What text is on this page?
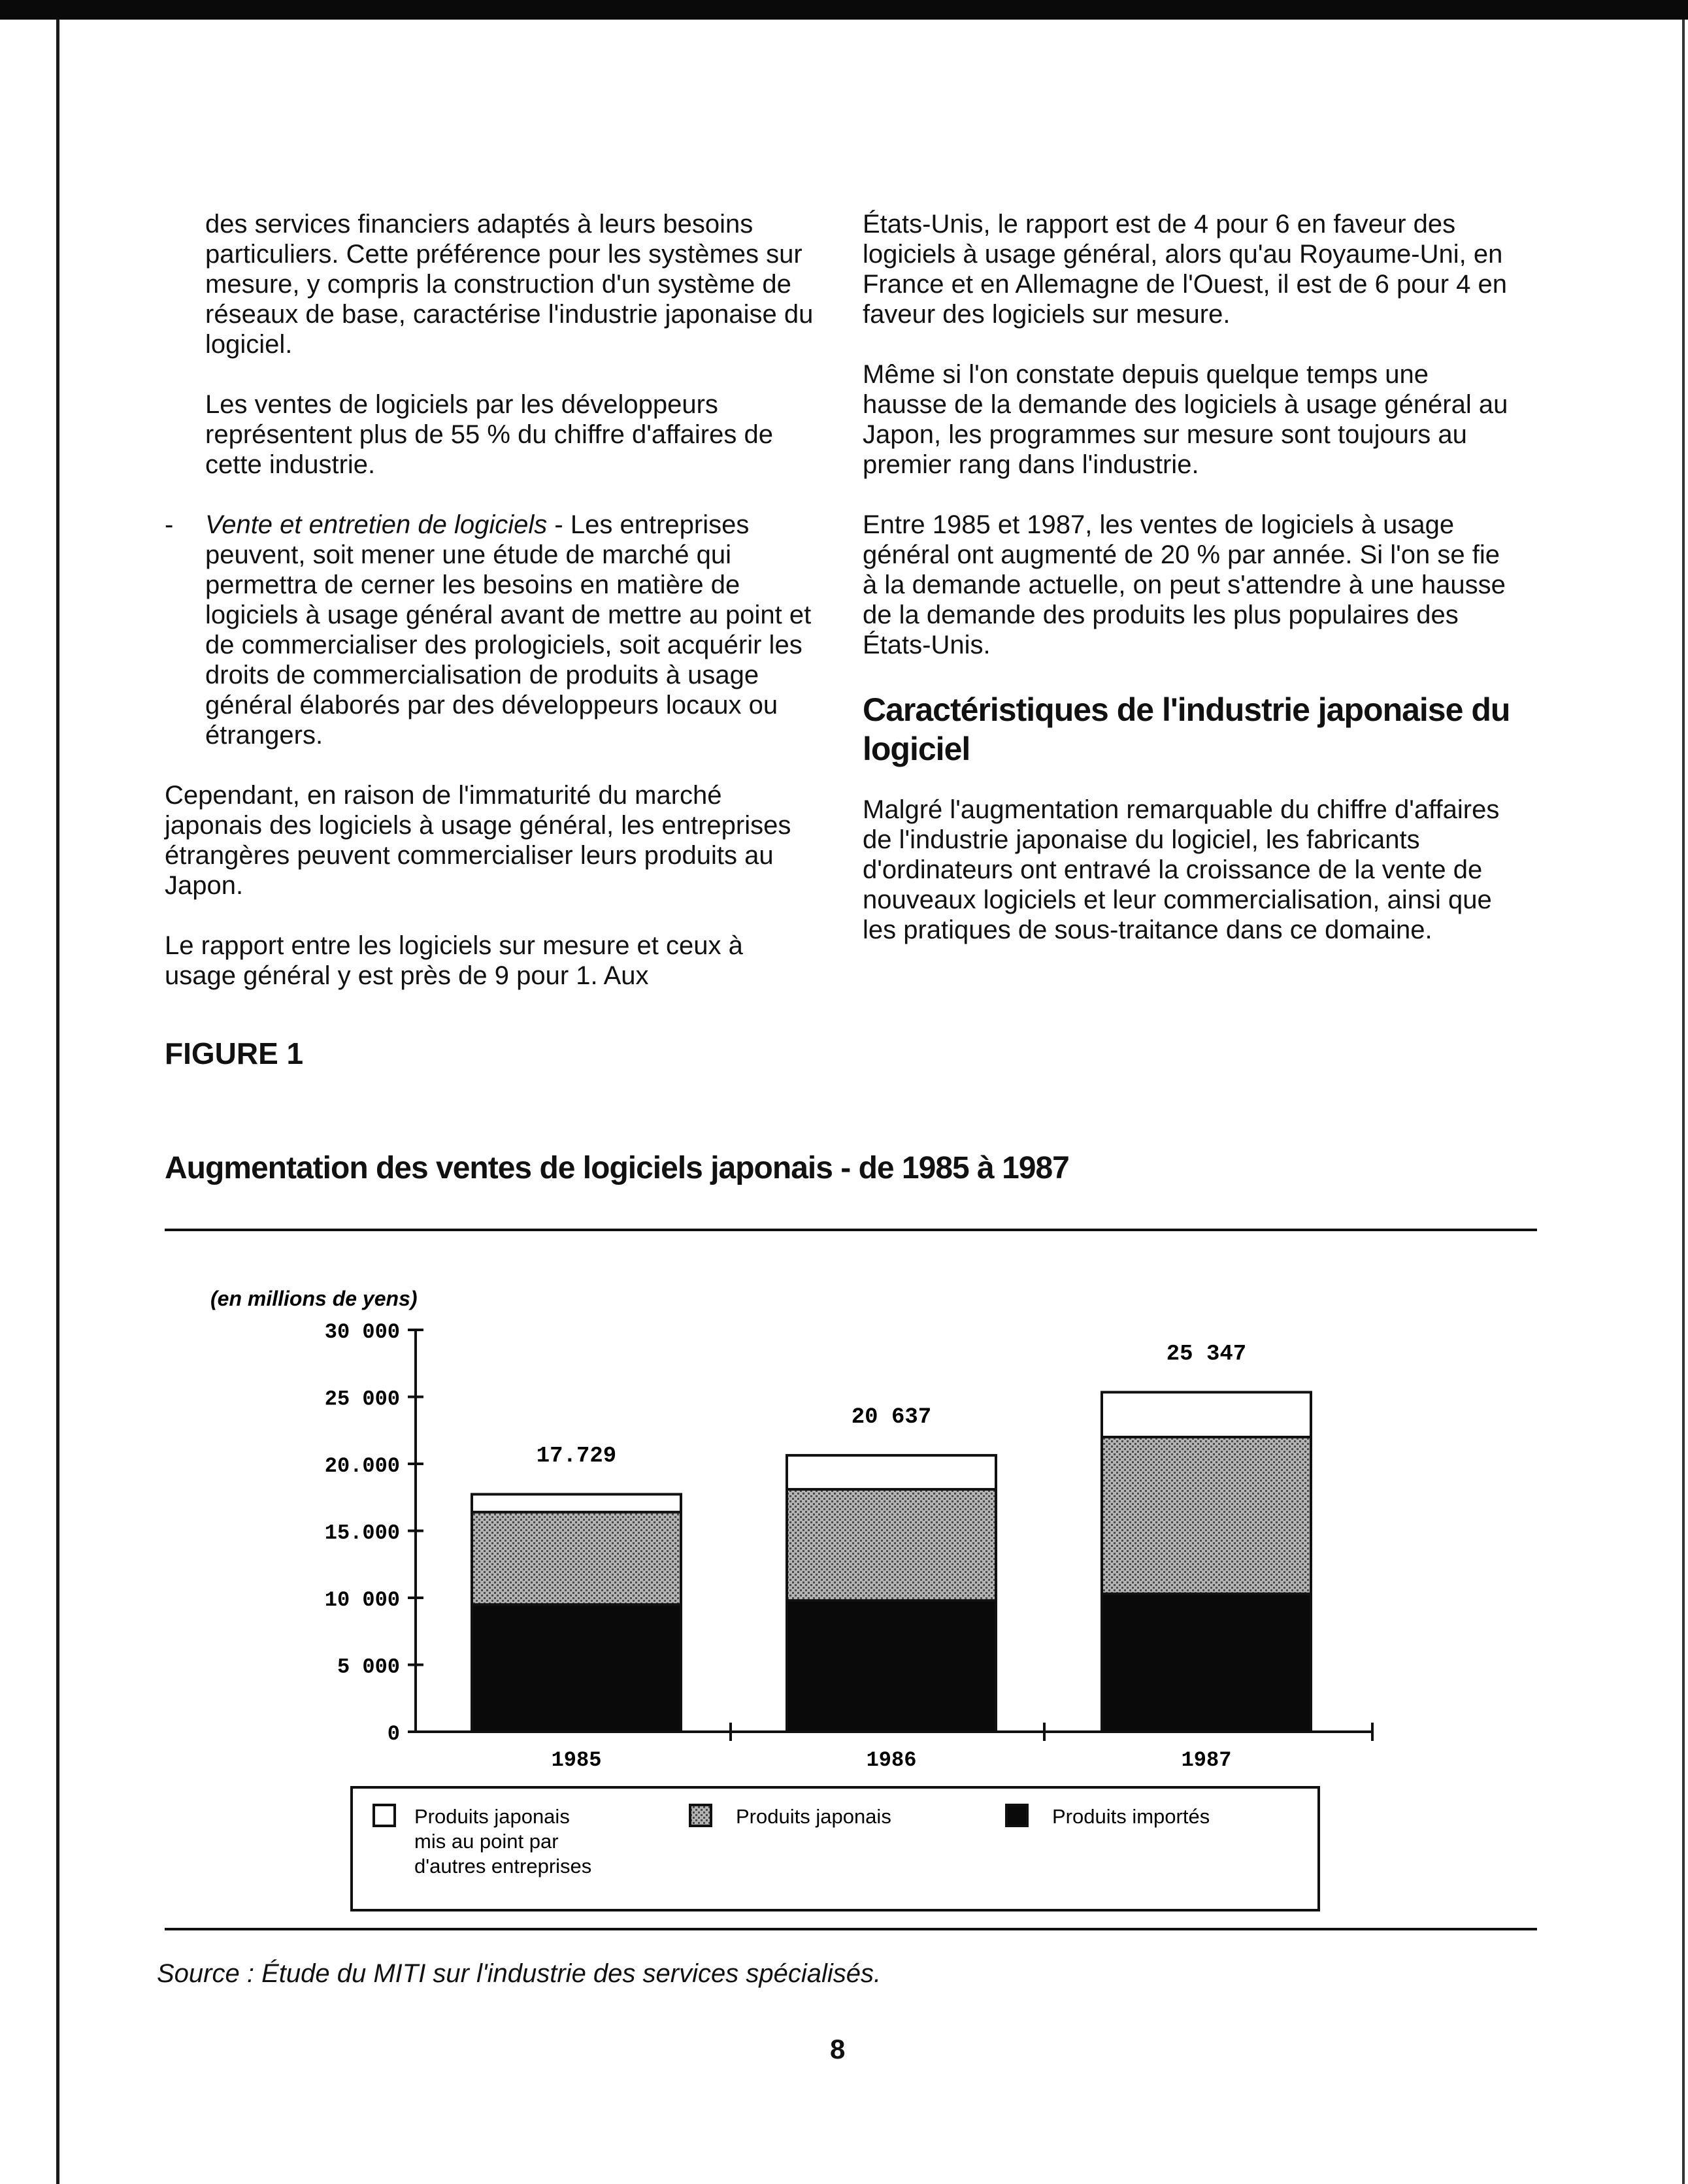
des services financiers adaptés à leurs besoins particuliers. Cette préférence pour les systèmes sur mesure, y compris la construction d'un système de réseaux de base, caractérise l'industrie japonaise du logiciel.

Les ventes de logiciels par les développeurs représentent plus de 55 % du chiffre d'affaires de cette industrie.

- Vente et entretien de logiciels - Les entreprises peuvent, soit mener une étude de marché qui permettra de cerner les besoins en matière de logiciels à usage général avant de mettre au point et de commercialiser des prologiciels, soit acquérir les droits de commercialisation de produits à usage général élaborés par des développeurs locaux ou étrangers.

Cependant, en raison de l'immaturité du marché japonais des logiciels à usage général, les entreprises étrangères peuvent commercialiser leurs produits au Japon.

Le rapport entre les logiciels sur mesure et ceux à usage général y est près de 9 pour 1. Aux

États-Unis, le rapport est de 4 pour 6 en faveur des logiciels à usage général, alors qu'au Royaume-Uni, en France et en Allemagne de l'Ouest, il est de 6 pour 4 en faveur des logiciels sur mesure.

Même si l'on constate depuis quelque temps une hausse de la demande des logiciels à usage général au Japon, les programmes sur mesure sont toujours au premier rang dans l'industrie.

Entre 1985 et 1987, les ventes de logiciels à usage général ont augmenté de 20 % par année. Si l'on se fie à la demande actuelle, on peut s'attendre à une hausse de la demande des produits les plus populaires des États-Unis.

Caractéristiques de l'industrie japonaise du logiciel

Malgré l'augmentation remarquable du chiffre d'affaires de l'industrie japonaise du logiciel, les fabricants d'ordinateurs ont entravé la croissance de la vente de nouveaux logiciels et leur commercialisation, ainsi que les pratiques de sous-traitance dans ce domaine.

FIGURE 1
Augmentation des ventes de logiciels japonais - de 1985 à 1987
(en millions de yens)
0
5 000
10 000
15.000
20.000
25 000
30 000
17.729
1985
20 637
1986
25 347
1987
Produits japonais
mis au point par
d'autres entreprises
Produits japonais	Produits importés
Source : Étude du MITI sur l'industrie des services spécialisés.
8
